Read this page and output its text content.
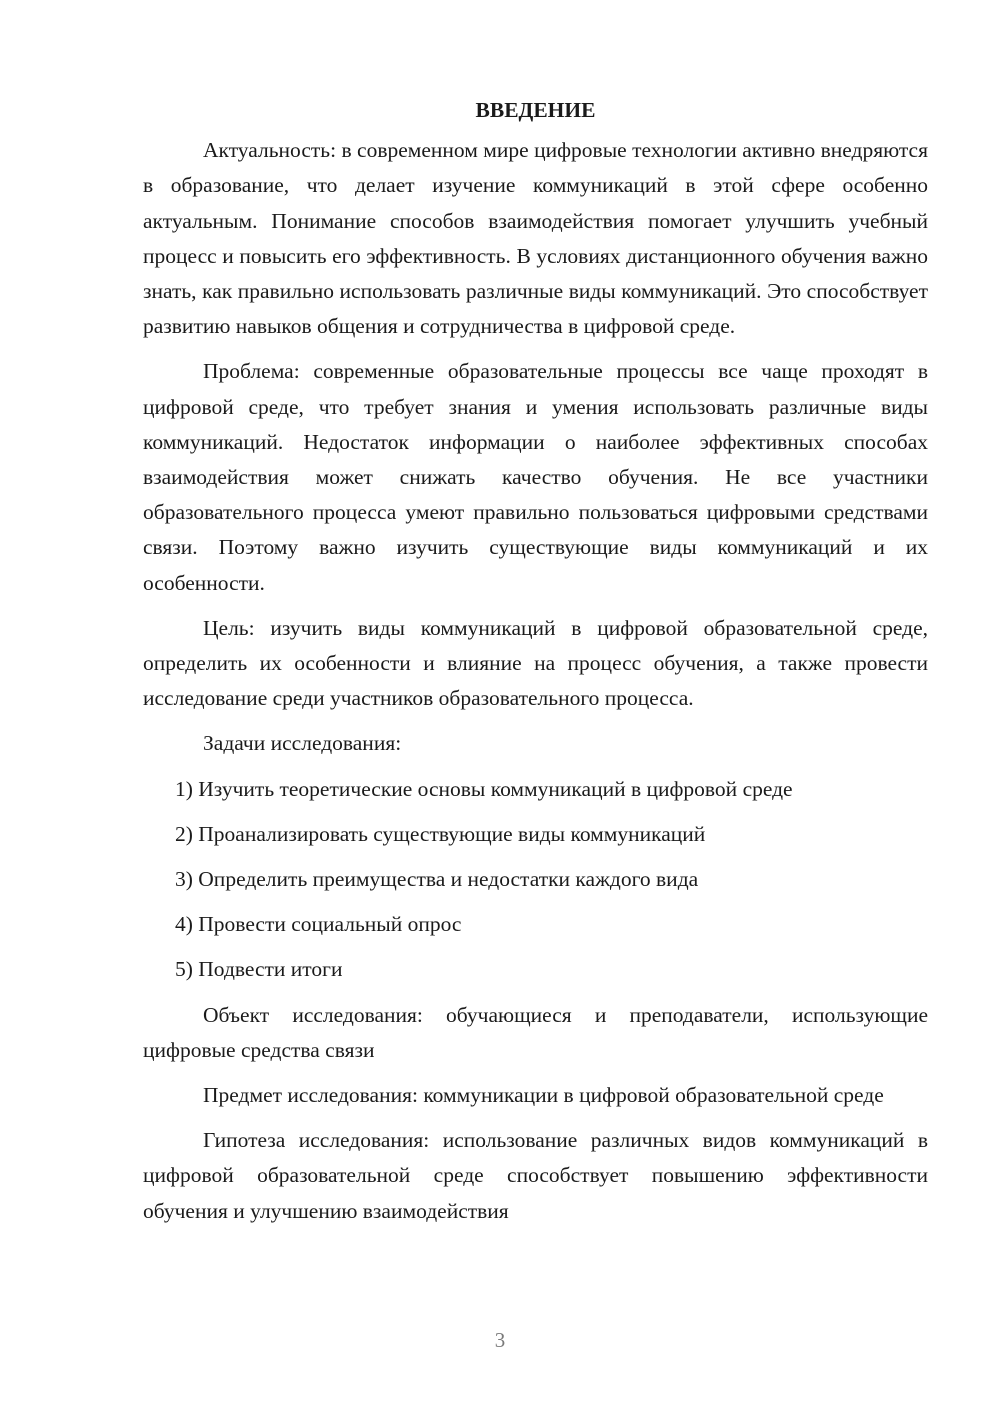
ВВЕДЕНИЕ

Актуальность: в современном мире цифровые технологии активно внедряются в образование, что делает изучение коммуникаций в этой сфере особенно актуальным. Понимание способов взаимодействия помогает улучшить учебный процесс и повысить его эффективность. В условиях дистанционного обучения важно знать, как правильно использовать различные виды коммуникаций. Это способствует развитию навыков общения и сотрудничества в цифровой среде.

Проблема: современные образовательные процессы все чаще проходят в цифровой среде, что требует знания и умения использовать различные виды коммуникаций. Недостаток информации о наиболее эффективных способах взаимодействия может снижать качество обучения. Не все участники образовательного процесса умеют правильно пользоваться цифровыми средствами связи. Поэтому важно изучить существующие виды коммуникаций и их особенности.

Цель: изучить виды коммуникаций в цифровой образовательной среде, определить их особенности и влияние на процесс обучения, а также провести исследование среди участников образовательного процесса.

Задачи исследования:
1) Изучить теоретические основы коммуникаций в цифровой среде
2) Проанализировать существующие виды коммуникаций
3) Определить преимущества и недостатки каждого вида
4) Провести социальный опрос
5) Подвести итоги

Объект исследования: обучающиеся и преподаватели, использующие цифровые средства связи

Предмет исследования: коммуникации в цифровой образовательной среде

Гипотеза исследования: использование различных видов коммуникаций в цифровой образовательной среде способствует повышению эффективности обучения и улучшению взаимодействия

3
